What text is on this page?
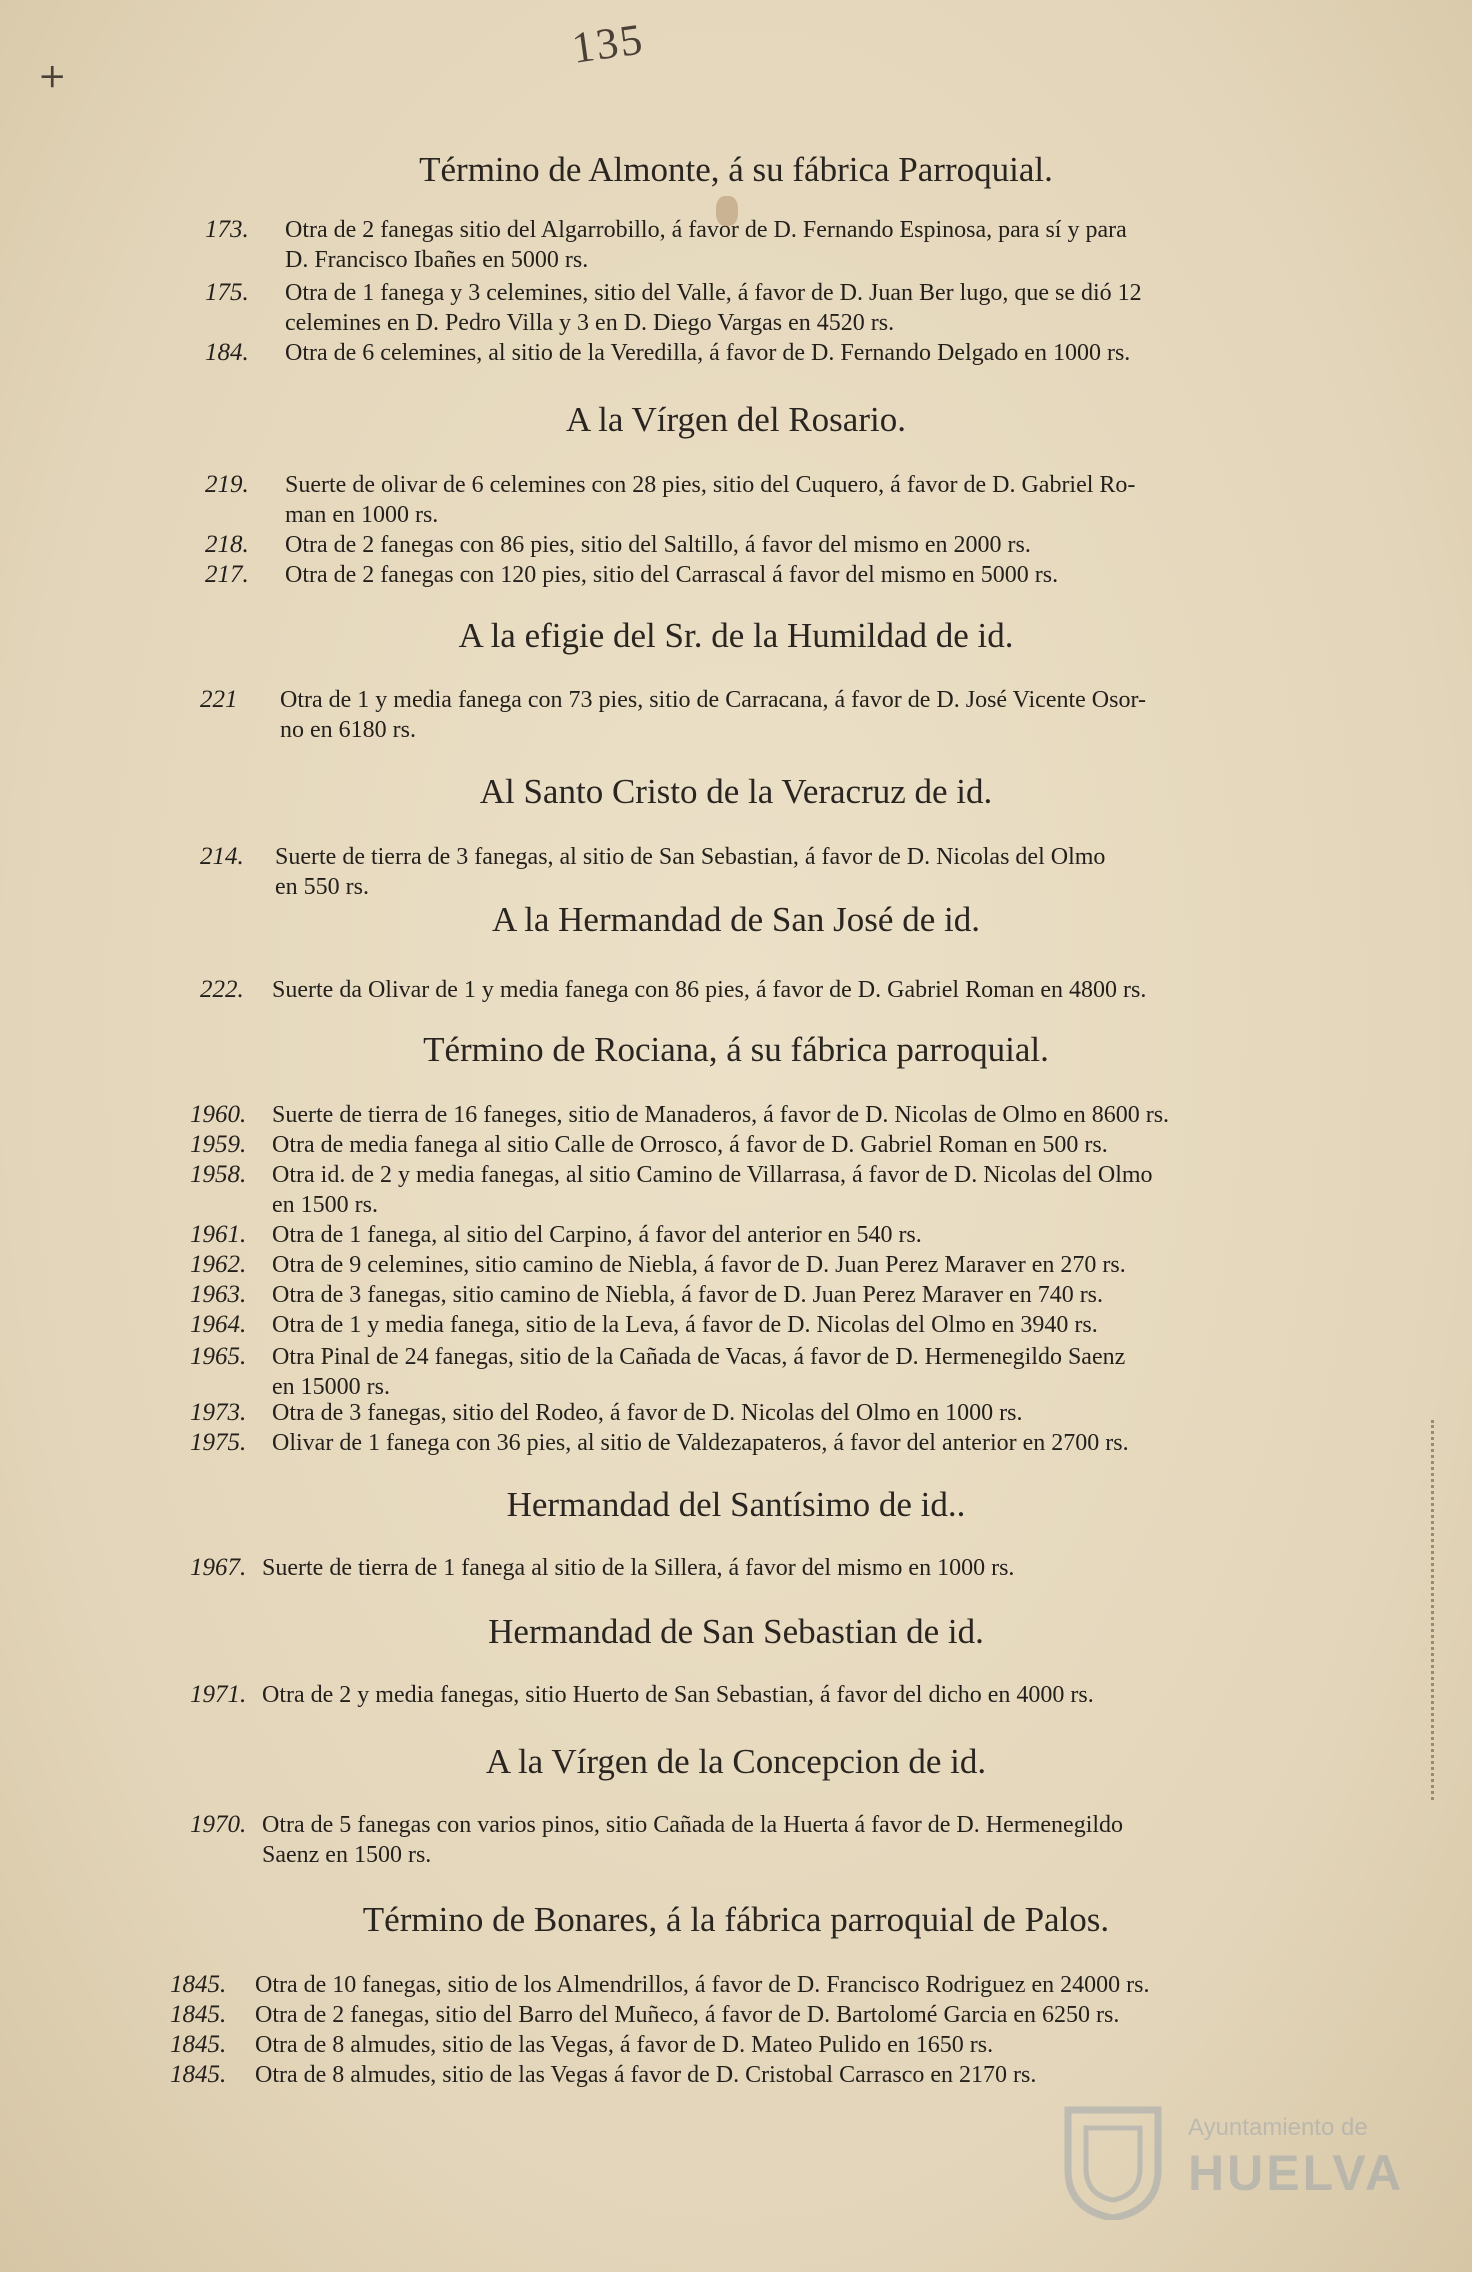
135
+
Término de Almonte, á su fábrica Parroquial.
173. Otra de 2 fanegas sitio del Algarrobillo, á favor de D. Fernando Espinosa, para sí y para
D. Francisco Ibañes en 5000 rs.
175. Otra de 1 fanega y 3 celemines, sitio del Valle, á favor de D. Juan Ber lugo, que se dió 12
celemines en D. Pedro Villa y 3 en D. Diego Vargas en 4520 rs.
184. Otra de 6 celemines, al sitio de la Veredilla, á favor de D. Fernando Delgado en 1000 rs.
A la Vírgen del Rosario.
219. Suerte de olivar de 6 celemines con 28 pies, sitio del Cuquero, á favor de D. Gabriel Ro-
man en 1000 rs.
218. Otra de 2 fanegas con 86 pies, sitio del Saltillo, á favor del mismo en 2000 rs.
217. Otra de 2 fanegas con 120 pies, sitio del Carrascal á favor del mismo en 5000 rs.
A la efigie del Sr. de la Humildad de id.
221 Otra de 1 y media fanega con 73 pies, sitio de Carracana, á favor de D. José Vicente Osor-
no en 6180 rs.
Al Santo Cristo de la Veracruz de id.
214. Suerte de tierra de 3 fanegas, al sitio de San Sebastian, á favor de D. Nicolas del Olmo
en 550 rs.
A la Hermandad de San José de id.
222. Suerte da Olivar de 1 y media fanega con 86 pies, á favor de D. Gabriel Roman en 4800 rs.
Término de Rociana, á su fábrica parroquial.
1960. Suerte de tierra de 16 faneges, sitio de Manaderos, á favor de D. Nicolas de Olmo en 8600 rs.
1959. Otra de media fanega al sitio Calle de Orrosco, á favor de D. Gabriel Roman en 500 rs.
1958. Otra id. de 2 y media fanegas, al sitio Camino de Villarrasa, á favor de D. Nicolas del Olmo
en 1500 rs.
1961. Otra de 1 fanega, al sitio del Carpino, á favor del anterior en 540 rs.
1962. Otra de 9 celemines, sitio camino de Niebla, á favor de D. Juan Perez Maraver en 270 rs.
1963. Otra de 3 fanegas, sitio camino de Niebla, á favor de D. Juan Perez Maraver en 740 rs.
1964. Otra de 1 y media fanega, sitio de la Leva, á favor de D. Nicolas del Olmo en 3940 rs.
1965. Otra Pinal de 24 fanegas, sitio de la Cañada de Vacas, á favor de D. Hermenegildo Saenz
en 15000 rs.
1973. Otra de 3 fanegas, sitio del Rodeo, á favor de D. Nicolas del Olmo en 1000 rs.
1975. Olivar de 1 fanega con 36 pies, al sitio de Valdezapateros, á favor del anterior en 2700 rs.
Hermandad del Santísimo de id..
1967. Suerte de tierra de 1 fanega al sitio de la Sillera, á favor del mismo en 1000 rs.
Hermandad de San Sebastian de id.
1971. Otra de 2 y media fanegas, sitio Huerto de San Sebastian, á favor del dicho en 4000 rs.
A la Vírgen de la Concepcion de id.
1970. Otra de 5 fanegas con varios pinos, sitio Cañada de la Huerta á favor de D. Hermenegildo
Saenz en 1500 rs.
Término de Bonares, á la fábrica parroquial de Palos.
1845. Otra de 10 fanegas, sitio de los Almendrillos, á favor de D. Francisco Rodriguez en 24000 rs.
1845. Otra de 2 fanegas, sitio del Barro del Muñeco, á favor de D. Bartolomé Garcia en 6250 rs.
1845. Otra de 8 almudes, sitio de las Vegas, á favor de D. Mateo Pulido en 1650 rs.
1845. Otra de 8 almudes, sitio de las Vegas á favor de D. Cristobal Carrasco en 2170 rs.
Ayuntamiento de
HUELVA
